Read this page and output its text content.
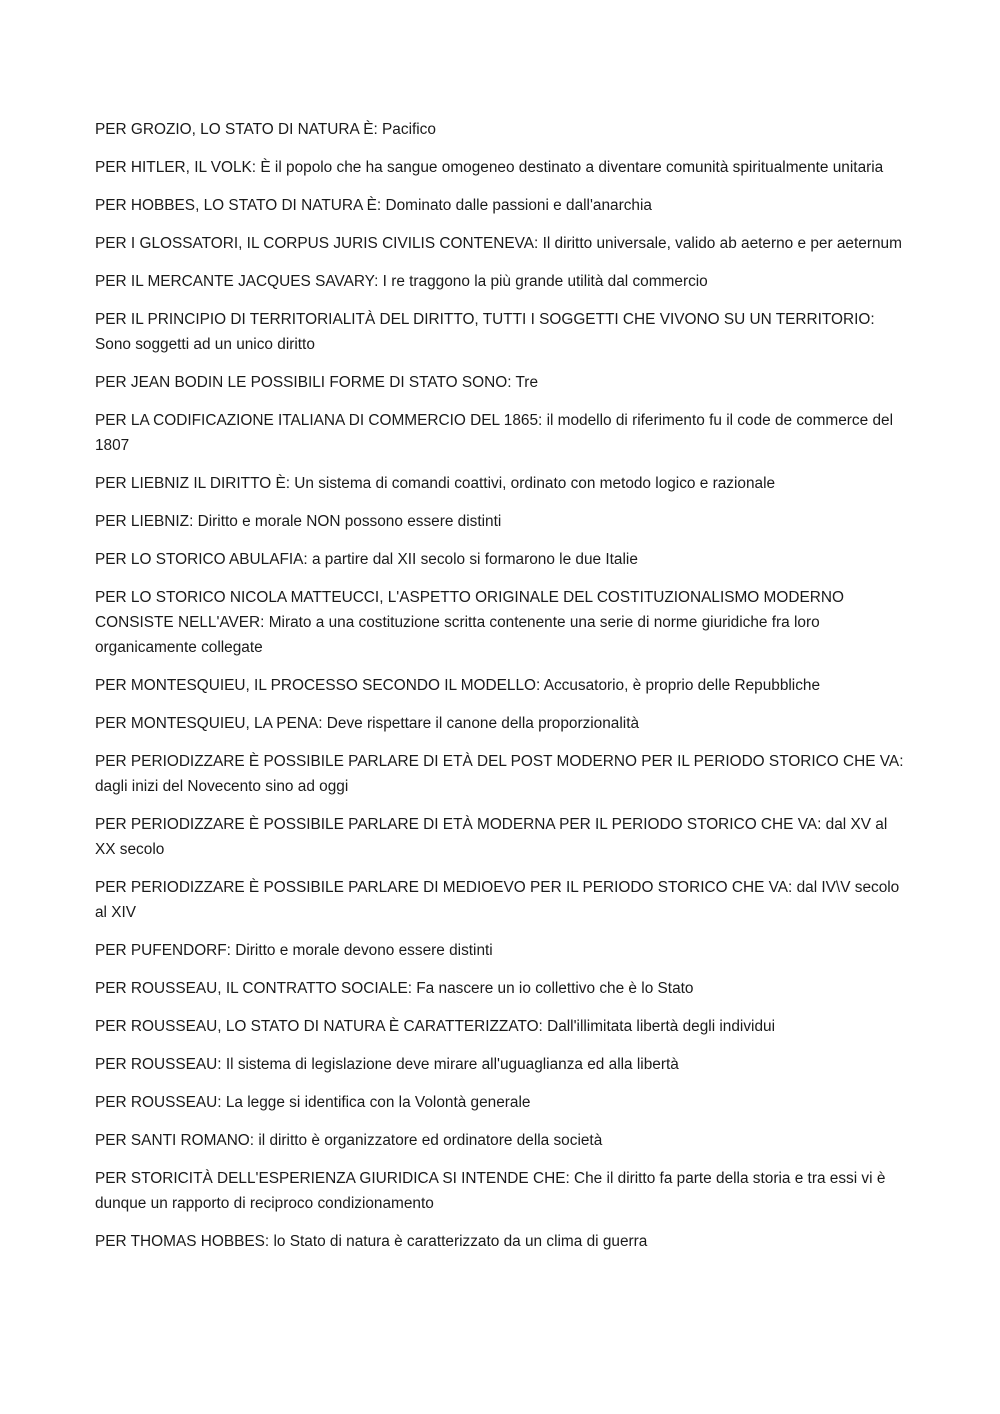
PER GROZIO, LO STATO DI NATURA È: Pacifico

PER HITLER, IL VOLK: È il popolo che ha sangue omogeneo destinato a diventare comunità spiritualmente unitaria

PER HOBBES, LO STATO DI NATURA È: Dominato dalle passioni e dall'anarchia

PER I GLOSSATORI, IL CORPUS JURIS CIVILIS CONTENEVA: Il diritto universale, valido ab aeterno e per aeternum

PER IL MERCANTE JACQUES SAVARY: I re traggono la più grande utilità dal commercio

PER IL PRINCIPIO DI TERRITORIALITÀ DEL DIRITTO, TUTTI I SOGGETTI CHE VIVONO SU UN TERRITORIO: Sono soggetti ad un unico diritto

PER JEAN BODIN LE POSSIBILI FORME DI STATO SONO: Tre

PER LA CODIFICAZIONE ITALIANA DI COMMERCIO DEL 1865: il modello di riferimento fu il code de commerce del 1807

PER LIEBNIZ IL DIRITTO È: Un sistema di comandi coattivi, ordinato con metodo logico e razionale

PER LIEBNIZ: Diritto e morale NON possono essere distinti

PER LO STORICO ABULAFIA: a partire dal XII secolo si formarono le due Italie

PER LO STORICO NICOLA MATTEUCCI, L'ASPETTO ORIGINALE DEL COSTITUZIONALISMO MODERNO CONSISTE NELL'AVER: Mirato a una costituzione scritta contenente una serie di norme giuridiche fra loro organicamente collegate

PER MONTESQUIEU, IL PROCESSO SECONDO IL MODELLO: Accusatorio, è proprio delle Repubbliche

PER MONTESQUIEU, LA PENA: Deve rispettare il canone della proporzionalità

PER PERIODIZZARE È POSSIBILE PARLARE DI ETÀ DEL POST MODERNO PER IL PERIODO STORICO CHE VA: dagli inizi del Novecento sino ad oggi

PER PERIODIZZARE È POSSIBILE PARLARE DI ETÀ MODERNA PER IL PERIODO STORICO CHE VA: dal XV al XX secolo

PER PERIODIZZARE È POSSIBILE PARLARE DI MEDIOEVO PER IL PERIODO STORICO CHE VA: dal IV\V secolo al XIV

PER PUFENDORF: Diritto e morale devono essere distinti

PER ROUSSEAU, IL CONTRATTO SOCIALE: Fa nascere un io collettivo che è lo Stato

PER ROUSSEAU, LO STATO DI NATURA È CARATTERIZZATO: Dall'illimitata libertà degli individui

PER ROUSSEAU: Il sistema di legislazione deve mirare all'uguaglianza ed alla libertà

PER ROUSSEAU: La legge si identifica con la Volontà generale

PER SANTI ROMANO: il diritto è organizzatore ed ordinatore della società

PER STORICITÀ DELL'ESPERIENZA GIURIDICA SI INTENDE CHE: Che il diritto fa parte della storia e tra essi vi è dunque un rapporto di reciproco condizionamento

PER THOMAS HOBBES: lo Stato di natura è caratterizzato da un clima di guerra
